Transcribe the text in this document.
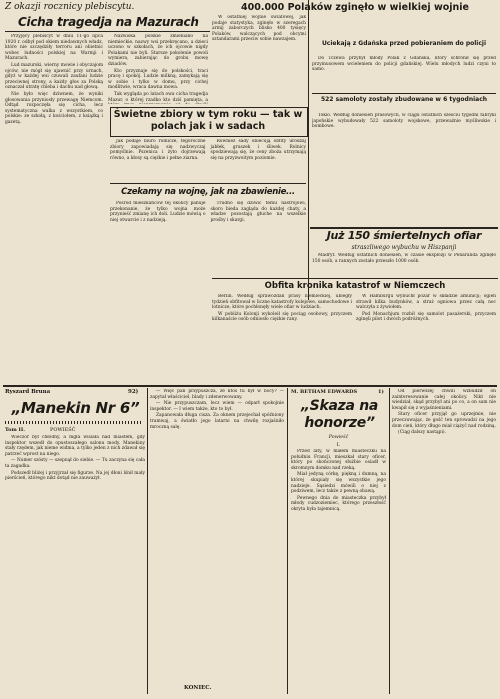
Z okazji rocznicy plebiscytu.
Cicha tragedja na Mazurach

Przyjęcy plebiscyt w dniu 11-go lipca 1920 r. odbył pod okiem niedawnych władz, które nie szczędziły terroru ani obietnic wobec ludności polskiej na Warmji i Mazurach.

Lud mazurski, wierny mowie i obyczajom ojców, nie mógł się ujawnić przy urnach, gdyż w każdej wsi czuwali zaufani ludzie przeciwnej strony, a każdy głos za Polską oznaczał utratę chleba i dachu nad głową.

Nie było więc dziwnem, że wyniki głosowania przyniosły przewagę Niemcom. Odtąd rozpoczęła się cicha, lecz systematyczna walka z wszystkiem, co polskie: ze szkołą, z kościołem, z książką i gazetą.

Nazwiska polskie zmieniano na niemieckie, nazwy wsi przekręcano, a dzieci uczono w szkołach, że ich ojcowie nigdy Polakami nie byli. Starsze pokolenie powoli wymiera, zabierając do grobu mowę dziadów.

Kto przyznaje się do polskości, traci pracę i spokój. Ludzie milkną, zamykają się w sobie i tylko w domu, przy cichej modlitwie, wraca dawna mowa.

Tak wygląda po latach owa cicha tragedja Mazur, o której rzadko kto dziś pamięta, a

Świetne zbiory w tym roku — tak w polach jak i w sadach

Jak podaje biuro rolnicze, tegoroczne zbiory zapowiadają się nadzwyczaj pomyślnie. Pszenica i żyto dojrzewają równo, a kłosy są ciężkie i pełne ziarna.

Również sady obiecują obfity urodzaj jabłek, gruszek i śliwek. Rolnicy spodziewają się, że ceny zboża utrzymają się na przyzwoitym poziomie.

Czekamy na wojnę, jak na zbawienie...

Pośród mieszkańców tej okolicy panuje przekonanie, że tylko wojna może przynieść zmianę ich doli. Ludzie mówią o niej otwarcie i z nadzieją.

Trudno się dziwić temu nastrojowi, skoro bieda zagląda do każdej chaty, a władze pozostają głuche na wszelkie prośby i skargi.

400.000 Polaków zginęło w wielkiej wojnie

W ostatniej wojnie światowej, jak podaje statystyka, zginęło w szeregach armij zaborczych blisko 400 tysięcy Polaków, walczących pod obcymi sztandarami przeciw sobie nawzajem.

Uciekają z Gdańska przed pobieraniem do policji

Do Tczewa przybył młody Polak z Gdańska, który schronił się przed przymusowem wcieleniem do policji gdańskiej. Wielu młodych ludzi czyni to samo.

522 samoloty zostały zbudowane w 6 tygodniach

Tokio. Według doniesień prasowych, w ciągu ostatnich sześciu tygodni fabryki japońskie wybudowały 522 samoloty wojskowe, przeważnie myśliwskie i bombowe.

Już 150 śmiertelnych ofiar
straszliwego wybuchu w Hiszpanji

Madryt. Według ostatnich doniesień, w czasie eksplozji w Penaranda zginęło 150 osób, a rannych zostało przeszło 1000 osób.

Obfita kronika katastrof w Niemczech

Berlin. Według sprawozdań prasy niemieckiej, ubiegły tydzień obfitował w liczne katastrofy kolejowe, samochodowe i lotnicze, które pochłonęły wiele ofiar w ludziach.

W pobliżu Kolonji wykoleił się pociąg osobowy, przyczem kilkanaście osób odniosło ciężkie rany.

W Hamburgu wybuchł pożar w składzie amunicji; ogień strawił kilka budynków, a straż ogniowa przez całą noc walczyła z żywiołem.

Pod Monachjum rozbił się samolot pasażerski, przyczem zginęli pilot i dwóch podróżnych.

Ryszard Bruna	92)
„Manekin Nr 6”
Tom II.	POWIEŚĆ

Wieczór był chłodny, a mgła wisiała nad miastem, gdy inspektor wszedł do opustoszałego salonu mody. Manekiny stały rzędem, jak nieme widma, a tylko jeden z nich zdawał się patrzeć wprost na niego.

— Numer szósty — szepnął do siebie. — Tu zaczyna się cała ta zagadka.

Podszedł bliżej i przyjrzał się figurze. Na jej dłoni lśnił mały pierścień, którego nikt dotąd nie zauważył.

— Więc pan przypuszcza, że ktoś tu był w nocy? — zapytał właściciel, blady i zdenerwowany.

— Nie przypuszczam, lecz wiem — odparł spokojnie inspektor. — I wiem także, kto to był.

Zapanowała długa cisza. Za oknem przejechał spóźniony tramwaj, a światło jego latarni na chwilę rozjaśniło mroczną salę.

KONIEC.
M. BETHAM EDWARDS	1)
„Skaza na honorze”
Powieść
I.

Przed laty, w małem miasteczku na południu Francji, mieszkał stary oficer, który po skończonej służbie osiadł w skromnym domku nad rzeką.

Miał jedyną córkę, piękną i dumną, na której skupiały się wszystkie jego nadzieje. Sąsiedzi mówili o niej z podziwem, lecz także z pewną obawą.

Pewnego dnia do miasteczka przybył młody cudzoziemiec, którego przeszłość okryta była tajemnicą.

Od pierwszej chwili wzbudził on zainteresowanie całej okolicy. Nikt nie wiedział, skąd przybył ani po co, a on sam nie kwapił się z wyjaśnieniami.

Stary oficer przyjął go uprzejmie, nie przeczuwając, że gość ten sprowadzi na jego dom cień, który długo miał ciążyć nad rodziną.

(Ciąg dalszy nastąpi).
